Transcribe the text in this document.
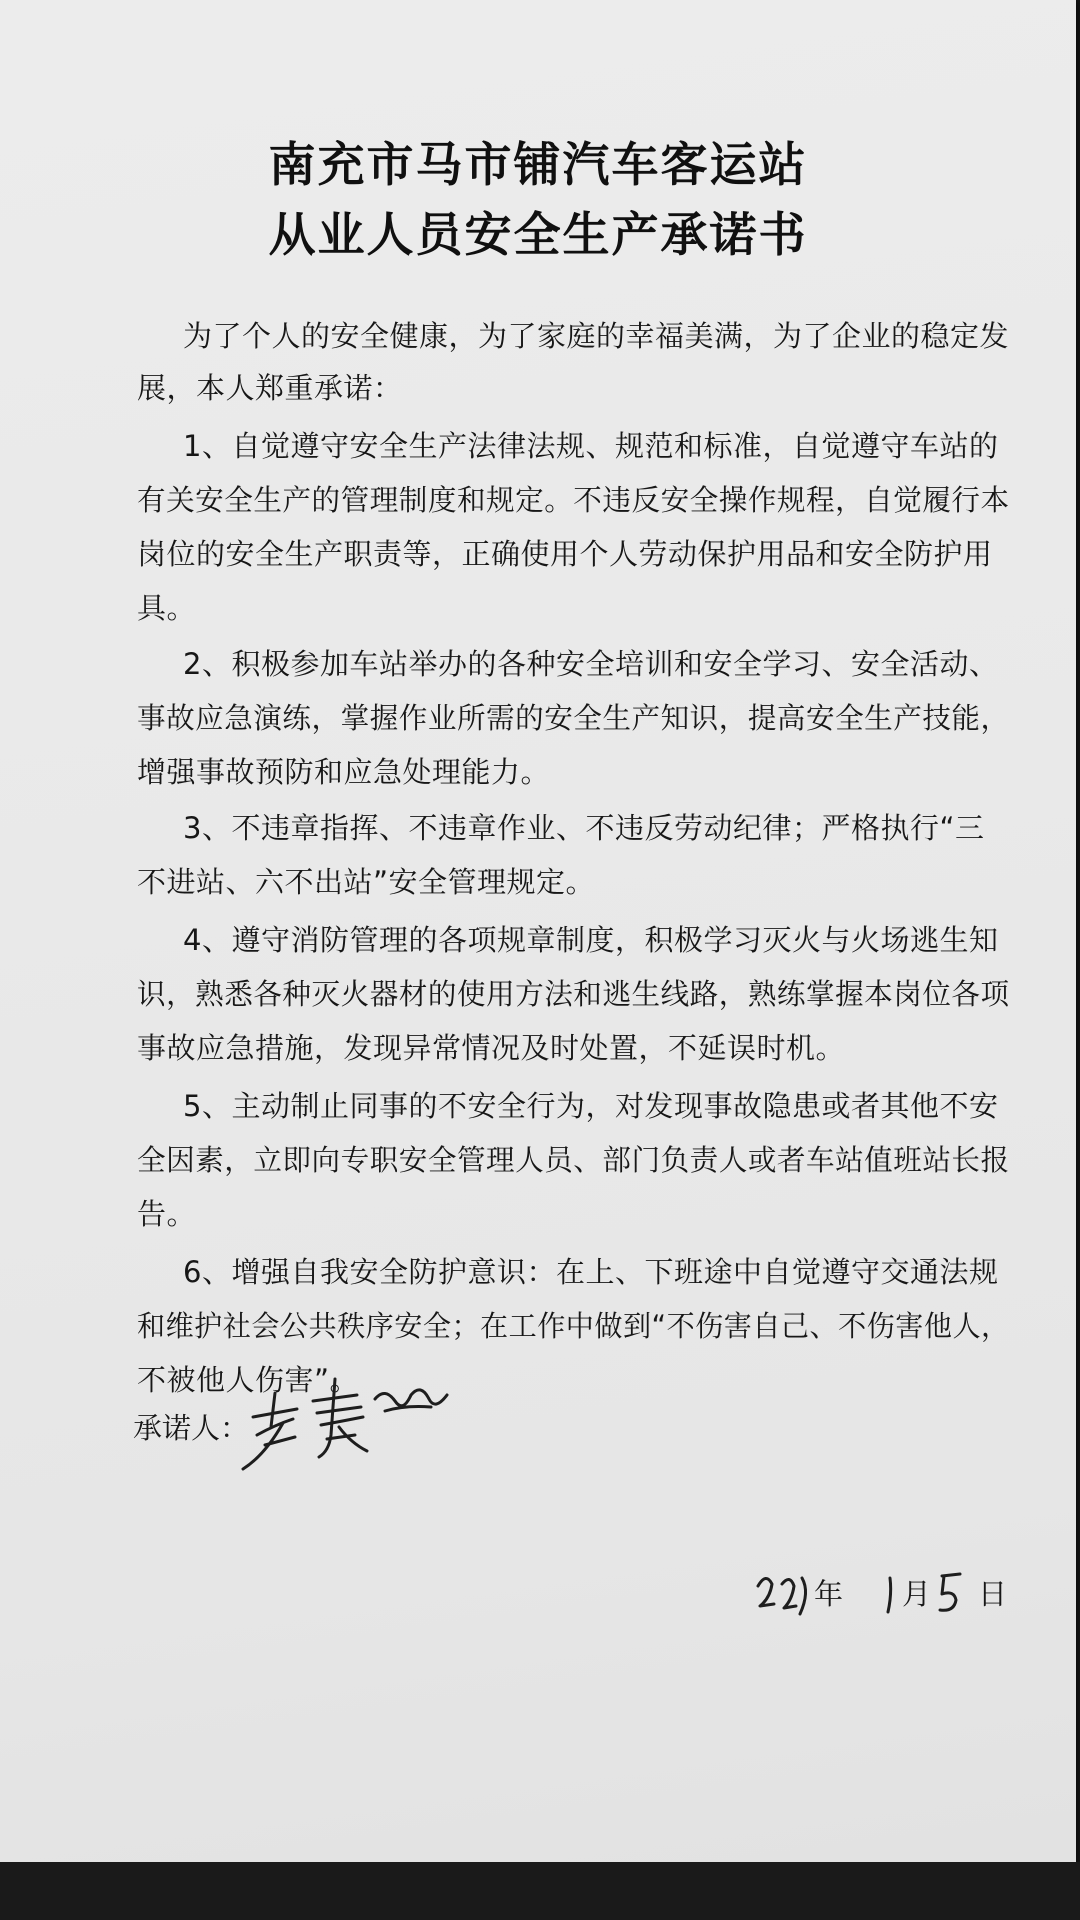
南充市马市铺汽车客运站
从业人员安全生产承诺书
为了个人的安全健康，为了家庭的幸福美满，为了企业的稳定发
展，本人郑重承诺：
1、自觉遵守安全生产法律法规、规范和标准，自觉遵守车站的
有关安全生产的管理制度和规定。不违反安全操作规程，自觉履行本
岗位的安全生产职责等，正确使用个人劳动保护用品和安全防护用
具。
2、积极参加车站举办的各种安全培训和安全学习、安全活动、
事故应急演练，掌握作业所需的安全生产知识，提高安全生产技能，
增强事故预防和应急处理能力。
3、不违章指挥、不违章作业、不违反劳动纪律；严格执行“三
不进站、六不出站”安全管理规定。
4、遵守消防管理的各项规章制度，积极学习灭火与火场逃生知
识，熟悉各种灭火器材的使用方法和逃生线路，熟练掌握本岗位各项
事故应急措施，发现异常情况及时处置，不延误时机。
5、主动制止同事的不安全行为，对发现事故隐患或者其他不安
全因素，立即向专职安全管理人员、部门负责人或者车站值班站长报
告。
6、增强自我安全防护意识：在上、下班途中自觉遵守交通法规
和维护社会公共秩序安全；在工作中做到“不伤害自己、不伤害他人，
不被他人伤害”。
承诺人：
年 月 日
